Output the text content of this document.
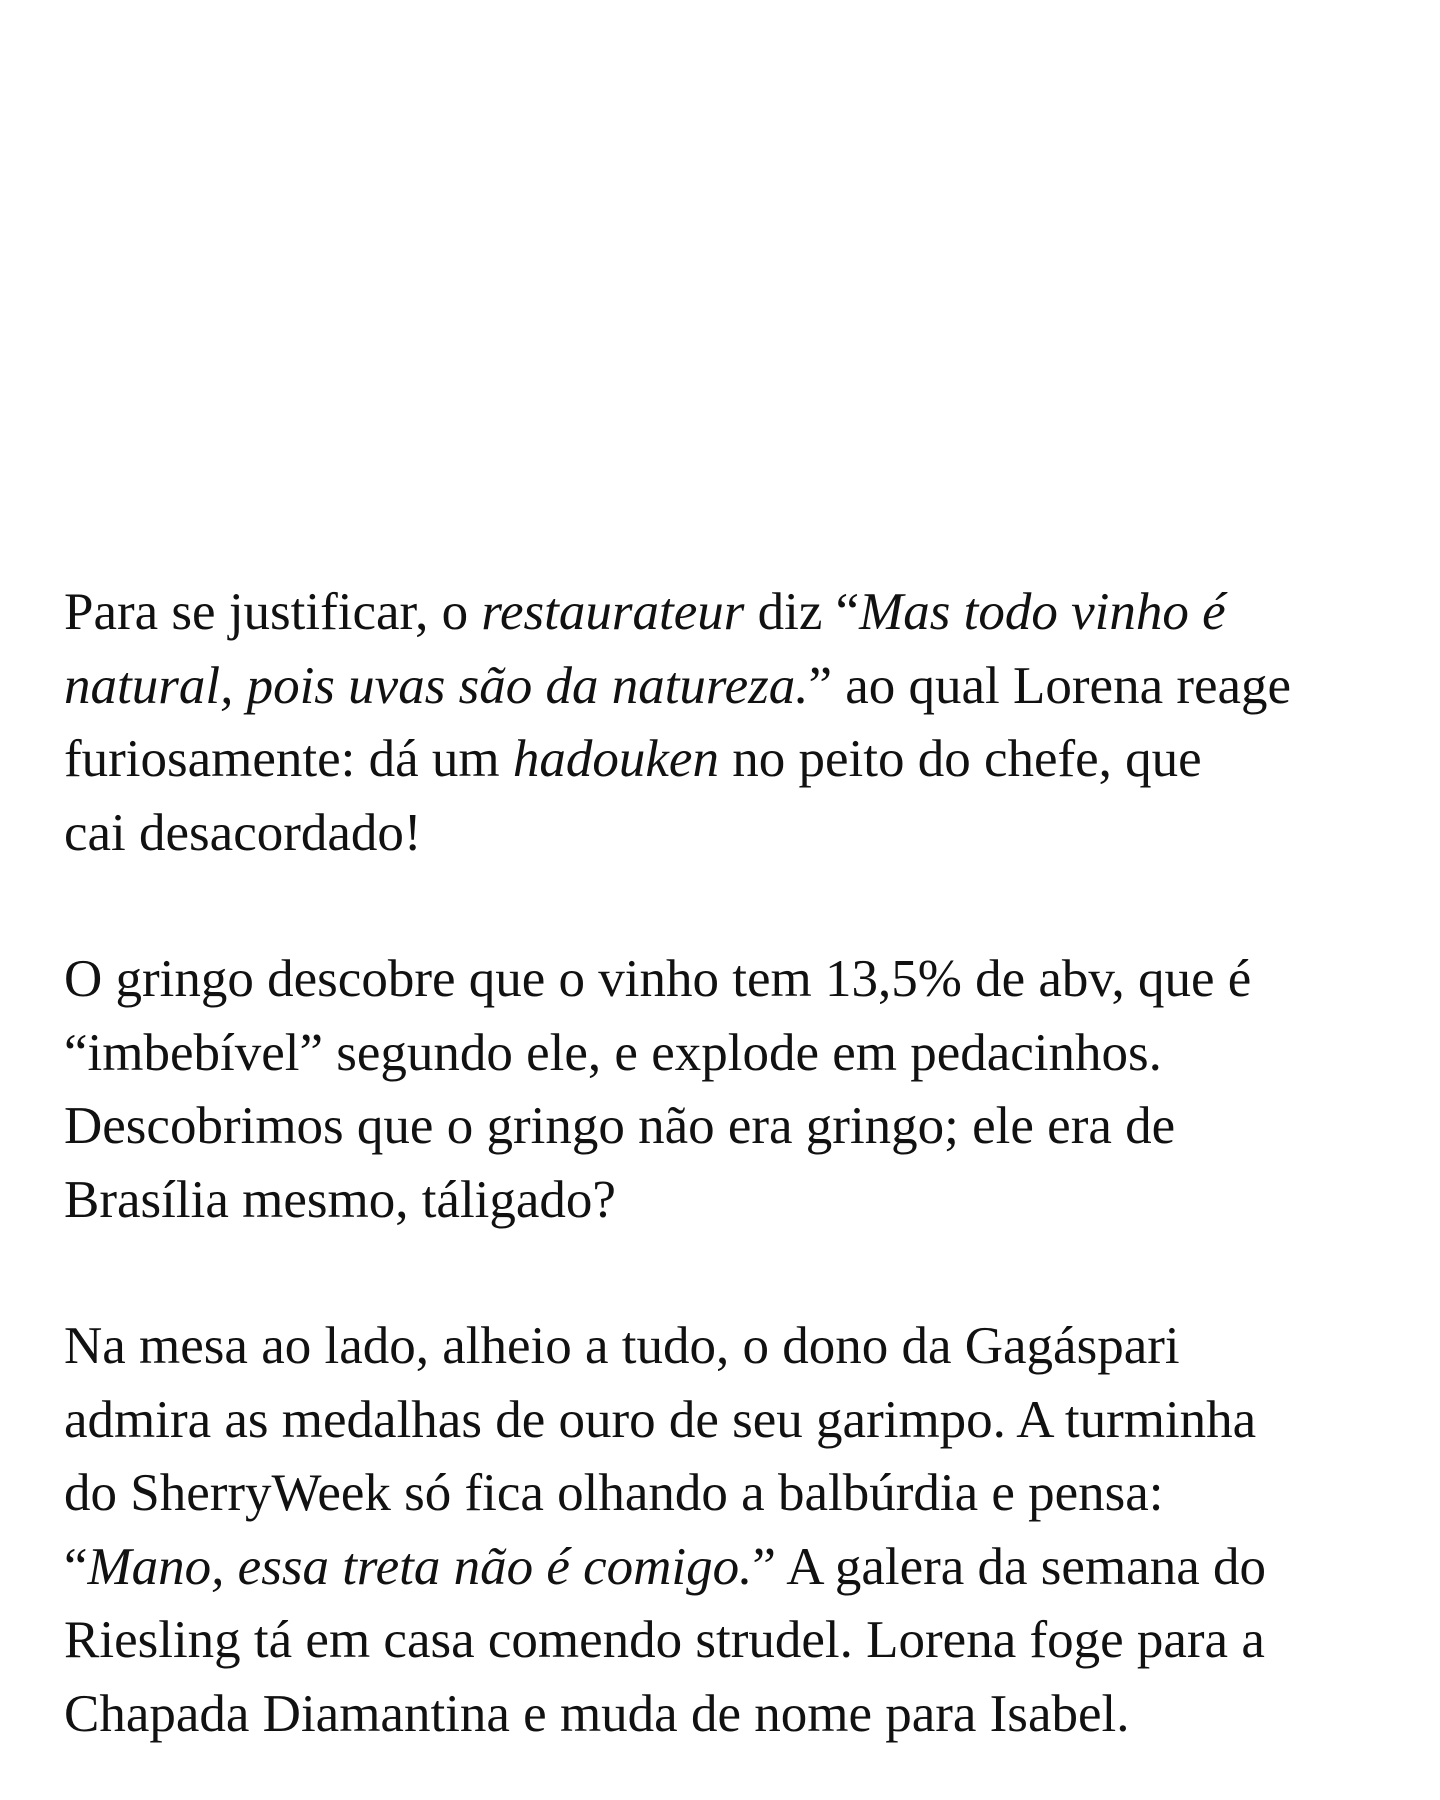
Para se justificar, o restaurateur diz “Mas todo vinho é
natural, pois uvas são da natureza.” ao qual Lorena reage
furiosamente: dá um hadouken no peito do chefe, que
cai desacordado!

O gringo descobre que o vinho tem 13,5% de abv, que é
“imbebível” segundo ele, e explode em pedacinhos.
Descobrimos que o gringo não era gringo; ele era de
Brasília mesmo, táligado?

Na mesa ao lado, alheio a tudo, o dono da Gagáspari
admira as medalhas de ouro de seu garimpo. A turminha
do SherryWeek só fica olhando a balbúrdia e pensa:
“Mano, essa treta não é comigo.” A galera da semana do
Riesling tá em casa comendo strudel. Lorena foge para a
Chapada Diamantina e muda de nome para Isabel.
